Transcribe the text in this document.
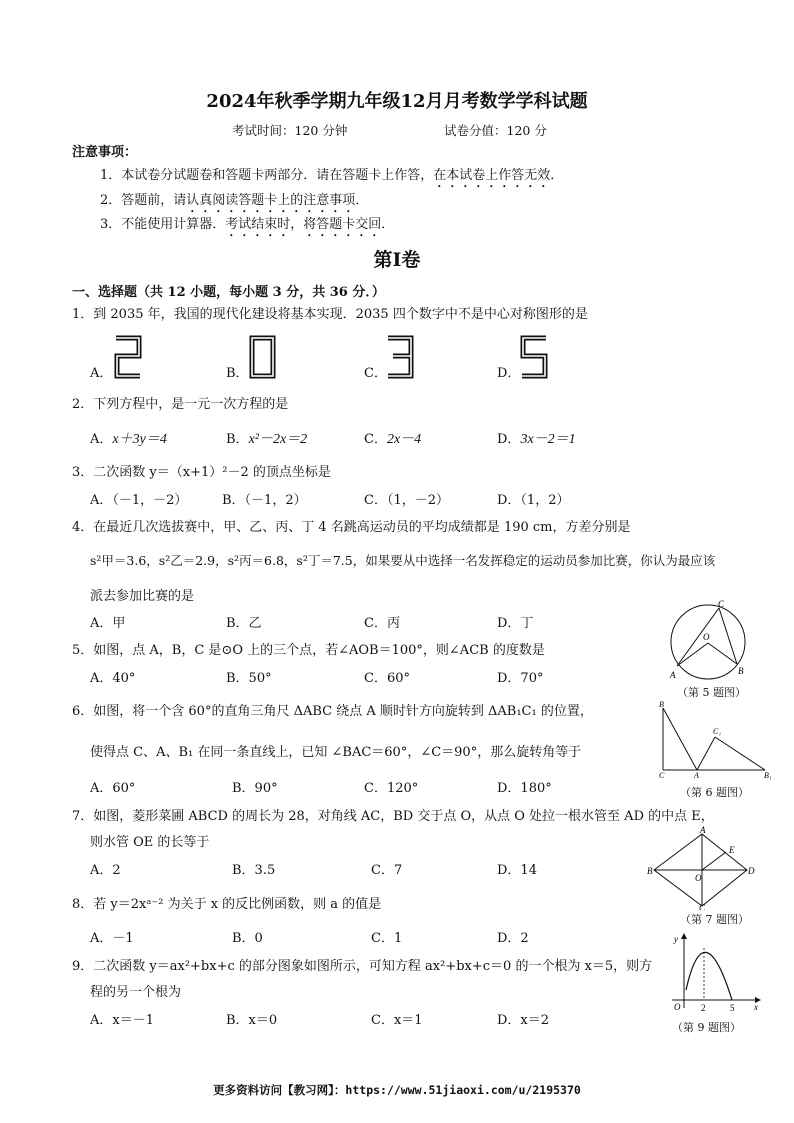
2024年秋季学期九年级12月月考数学学科试题
考试时间：120 分钟	试卷分值：120 分
注意事项：
1．本试卷分试题卷和答题卡两部分．请在答题卡上作答，在本试卷上作答无效．
2．答题前，请认真阅读答题卡上的注意事项．
3．不能使用计算器．考试结束时，将答题卡交回．
第Ⅰ卷
一、选择题（共 12 小题，每小题 3 分，共 36 分．）
1．到 2035 年，我国的现代化建设将基本实现．2035 四个数字中不是中心对称图形的是
A．	B．	C．	D．
2．下列方程中，是一元一次方程的是
A．x＋3y＝4	B．x²－2x＝2	C．2x－4	D．3x－2＝1
3．二次函数 y＝（x+1）²－2 的顶点坐标是
A．（－1，－2）	B．（－1，2）	C．（1，－2）	D．（1，2）
4．在最近几次选拔赛中，甲、乙、丙、丁 4 名跳高运动员的平均成绩都是 190 cm，方差分别是
s²甲＝3.6，s²乙＝2.9，s²丙＝6.8，s²丁＝7.5，如果要从中选择一名发挥稳定的运动员参加比赛，你认为最应该
派去参加比赛的是
A．甲	B．乙	C．丙	D．丁
C
O
A	B
（第 5 题图）
5．如图，点 A，B，C 是⊙O 上的三个点，若∠AOB＝100°，则∠ACB 的度数是
A．40°	B．50°	C．60°	D．70°
6．如图，将一个含 60°的直角三角尺 ΔABC 绕点 A 顺时针方向旋转到 ΔAB₁C₁ 的位置，
使得点 C、A、B₁ 在同一条直线上，已知 ∠BAC＝60°，∠C＝90°，那么旋转角等于
A．60°	B．90°	C．120°	D．180°
B
C₁
C	A	B₁
（第 6 题图）
7．如图，菱形菜圃 ABCD 的周长为 28，对角线 AC，BD 交于点 O，从点 O 处拉一根水管至 AD 的中点 E，
则水管 OE 的长等于
A．2	B．3.5	C．7	D．14
A
E
B
O
D
C
（第 7 题图）
8．若 y＝2xᵃ⁻² 为关于 x 的反比例函数，则 a 的值是
A．－1	B．0	C．1	D．2
9．二次函数 y＝ax²+bx+c 的部分图象如图所示，可知方程 ax²+bx+c＝0 的一个根为 x＝5，则方
程的另一个根为
A．x＝－1	B．x＝0	C．x＝1	D．x＝2
y
O 2	5 x
（第 9 题图）
更多资料访问【教习网】：https://www.51jiaoxi.com/u/2195370
